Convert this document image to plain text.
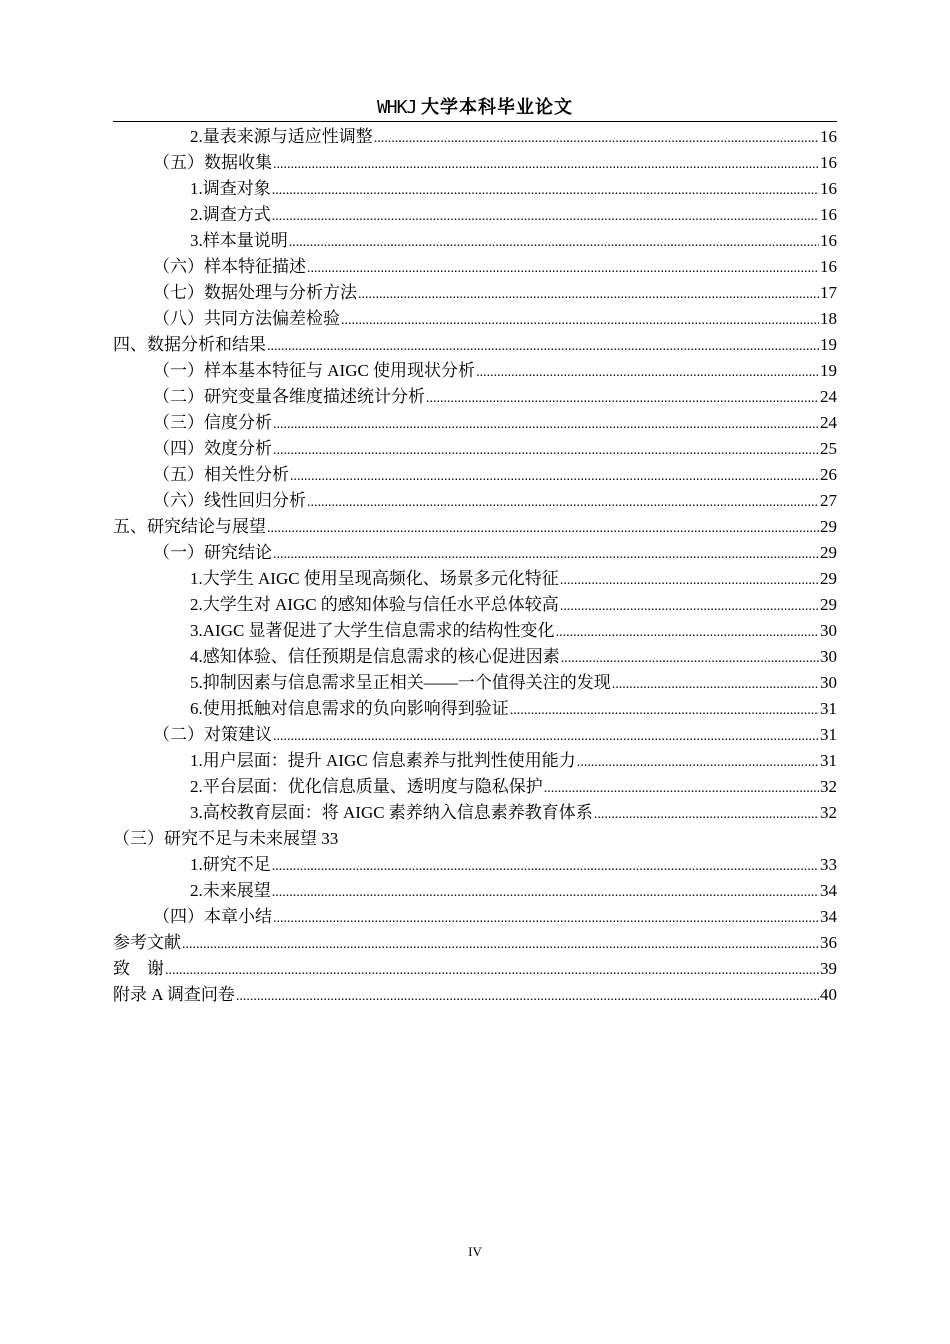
WHKJ 大学本科毕业论文
2.量表来源与适应性调整 .....	16
（五）数据收集 .....	16
1.调查对象 .....	16
2.调查方式 .....	16
3.样本量说明 .....	16
（六）样本特征描述 .....	16
（七）数据处理与分析方法 .....	17
（八）共同方法偏差检验 .....	18
四、数据分析和结果 .....	19
（一）样本基本特征与 AIGC 使用现状分析 .....	19
（二）研究变量各维度描述统计分析 .....	24
（三）信度分析 .....	24
（四）效度分析 .....	25
（五）相关性分析 .....	26
（六）线性回归分析 .....	27
五、研究结论与展望 .....	29
（一）研究结论 .....	29
1.大学生 AIGC 使用呈现高频化、场景多元化特征 .....	29
2.大学生对 AIGC 的感知体验与信任水平总体较高 .....	29
3.AIGC 显著促进了大学生信息需求的结构性变化 .....	30
4.感知体验、信任预期是信息需求的核心促进因素 .....	30
5.抑制因素与信息需求呈正相关——一个值得关注的发现 .....	30
6.使用抵触对信息需求的负向影响得到验证 .....	31
（二）对策建议 .....	31
1.用户层面：提升 AIGC 信息素养与批判性使用能力 .....	31
2.平台层面：优化信息质量、透明度与隐私保护 .....	32
3.高校教育层面：将 AIGC 素养纳入信息素养教育体系 .....	32
（三）研究不足与未来展望 33
1.研究不足 .....	33
2.未来展望 .....	34
（四）本章小结 .....	34
参考文献 .....	36
致　谢 .....	39
附录 A 调查问卷 .....	40
IV
